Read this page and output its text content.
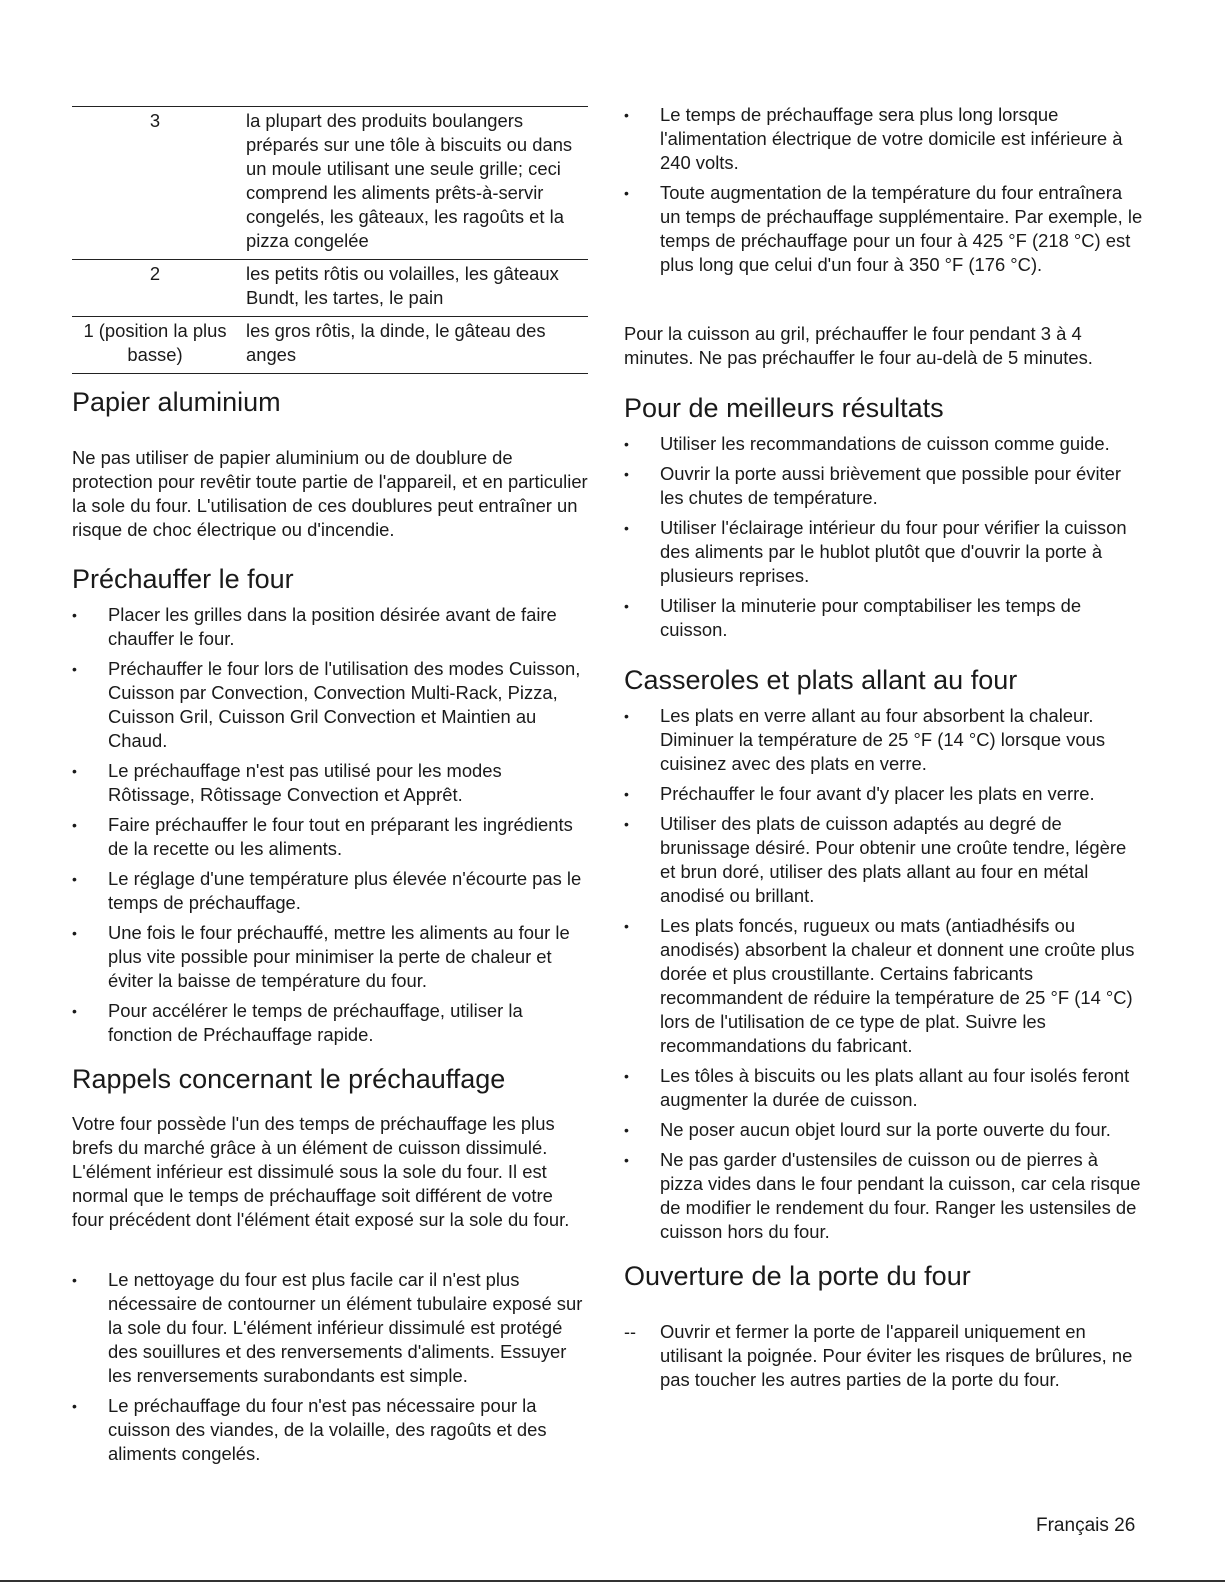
3	la plupart des produits boulangers préparés sur une tôle à biscuits ou dans un moule utilisant une seule grille; ceci comprend les aliments prêts-à-servir congelés, les gâteaux, les ragoûts et la pizza congelée
2	les petits rôtis ou volailles, les gâteaux Bundt, les tartes, le pain
1 (position la plus basse)	les gros rôtis, la dinde, le gâteau des anges
Papier aluminium

Ne pas utiliser de papier aluminium ou de doublure de protection pour revêtir toute partie de l'appareil, et en particulier la sole du four. L'utilisation de ces doublures peut entraîner un risque de choc électrique ou d'incendie.

Préchauffer le four
•	Placer les grilles dans la position désirée avant de faire chauffer le four.
•	Préchauffer le four lors de l'utilisation des modes Cuisson, Cuisson par Convection, Convection Multi-Rack, Pizza, Cuisson Gril, Cuisson Gril Convection et Maintien au Chaud.
•	Le préchauffage n'est pas utilisé pour les modes Rôtissage, Rôtissage Convection et Apprêt.
•	Faire préchauffer le four tout en préparant les ingrédients de la recette ou les aliments.
•	Le réglage d'une température plus élevée n'écourte pas le temps de préchauffage.
•	Une fois le four préchauffé, mettre les aliments au four le plus vite possible pour minimiser la perte de chaleur et éviter la baisse de température du four.
•	Pour accélérer le temps de préchauffage, utiliser la fonction de Préchauffage rapide.
Rappels concernant le préchauffage

Votre four possède l'un des temps de préchauffage les plus brefs du marché grâce à un élément de cuisson dissimulé. L'élément inférieur est dissimulé sous la sole du four. Il est normal que le temps de préchauffage soit différent de votre four précédent dont l'élément était exposé sur la sole du four.

•	Le nettoyage du four est plus facile car il n'est plus nécessaire de contourner un élément tubulaire exposé sur la sole du four. L'élément inférieur dissimulé est protégé des souillures et des renversements d'aliments. Essuyer les renversements surabondants est simple.
•	Le préchauffage du four n'est pas nécessaire pour la cuisson des viandes, de la volaille, des ragoûts et des aliments congelés.
•	Le temps de préchauffage sera plus long lorsque l'alimentation électrique de votre domicile est inférieure à 240 volts.
•	Toute augmentation de la température du four entraînera un temps de préchauffage supplémentaire. Par exemple, le temps de préchauffage pour un four à 425 °F (218 °C) est plus long que celui d'un four à 350 °F (176 °C).

Pour la cuisson au gril, préchauffer le four pendant 3 à 4 minutes. Ne pas préchauffer le four au-delà de 5 minutes.

Pour de meilleurs résultats
•	Utiliser les recommandations de cuisson comme guide.
•	Ouvrir la porte aussi brièvement que possible pour éviter les chutes de température.
•	Utiliser l'éclairage intérieur du four pour vérifier la cuisson des aliments par le hublot plutôt que d'ouvrir la porte à plusieurs reprises.
•	Utiliser la minuterie pour comptabiliser les temps de cuisson.
Casseroles et plats allant au four
•	Les plats en verre allant au four absorbent la chaleur. Diminuer la température de 25 °F (14 °C) lorsque vous cuisinez avec des plats en verre.
•	Préchauffer le four avant d'y placer les plats en verre.
•	Utiliser des plats de cuisson adaptés au degré de brunissage désiré. Pour obtenir une croûte tendre, légère et brun doré, utiliser des plats allant au four en métal anodisé ou brillant.
•	Les plats foncés, rugueux ou mats (antiadhésifs ou anodisés) absorbent la chaleur et donnent une croûte plus dorée et plus croustillante. Certains fabricants recommandent de réduire la température de 25 °F (14 °C) lors de l'utilisation de ce type de plat. Suivre les recommandations du fabricant.
•	Les tôles à biscuits ou les plats allant au four isolés feront augmenter la durée de cuisson.
•	Ne poser aucun objet lourd sur la porte ouverte du four.
•	Ne pas garder d'ustensiles de cuisson ou de pierres à pizza vides dans le four pendant la cuisson, car cela risque de modifier le rendement du four. Ranger les ustensiles de cuisson hors du four.
Ouverture de la porte du four
-- Ouvrir et fermer la porte de l'appareil uniquement en utilisant la poignée. Pour éviter les risques de brûlures, ne pas toucher les autres parties de la porte du four.
Français 26
